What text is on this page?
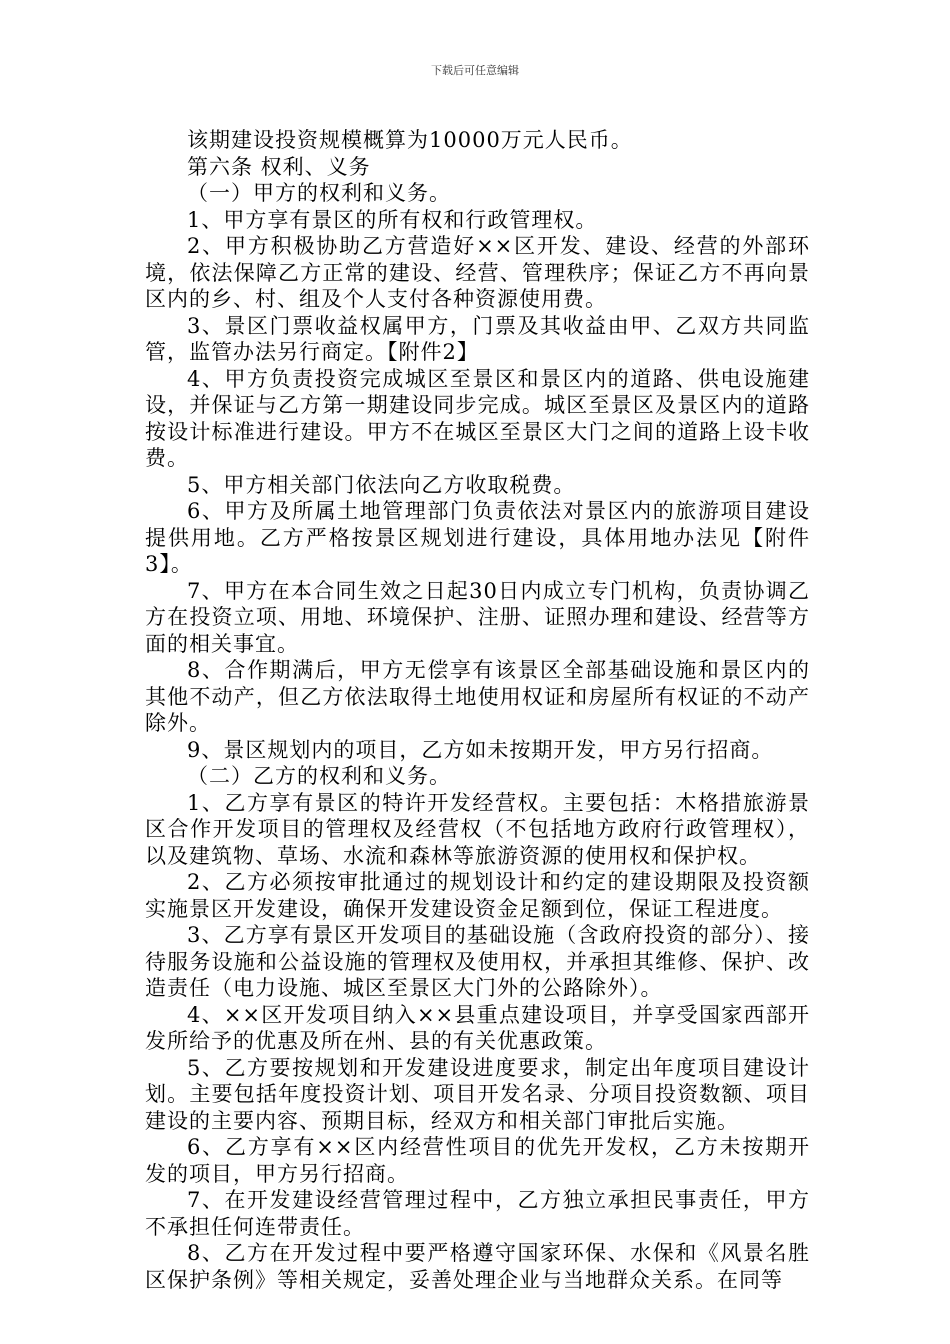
下载后可任意编辑

该期建设投资规模概算为10000万元人民币。

第六条 权利、义务

（一）甲方的权利和义务。

1、甲方享有景区的所有权和行政管理权。

2、甲方积极协助乙方营造好××区开发、建设、经营的外部环境，依法保障乙方正常的建设、经营、管理秩序；保证乙方不再向景区内的乡、村、组及个人支付各种资源使用费。

3、景区门票收益权属甲方，门票及其收益由甲、乙双方共同监管，监管办法另行商定。【附件2】

4、甲方负责投资完成城区至景区和景区内的道路、供电设施建设，并保证与乙方第一期建设同步完成。城区至景区及景区内的道路按设计标准进行建设。甲方不在城区至景区大门之间的道路上设卡收费。

5、甲方相关部门依法向乙方收取税费。

6、甲方及所属土地管理部门负责依法对景区内的旅游项目建设提供用地。乙方严格按景区规划进行建设，具体用地办法见【附件3】。

7、甲方在本合同生效之日起30日内成立专门机构，负责协调乙方在投资立项、用地、环境保护、注册、证照办理和建设、经营等方面的相关事宜。

8、合作期满后，甲方无偿享有该景区全部基础设施和景区内的其他不动产，但乙方依法取得土地使用权证和房屋所有权证的不动产除外。

9、景区规划内的项目，乙方如未按期开发，甲方另行招商。

（二）乙方的权利和义务。

1、乙方享有景区的特许开发经营权。主要包括：木格措旅游景区合作开发项目的管理权及经营权（不包括地方政府行政管理权），以及建筑物、草场、水流和森林等旅游资源的使用权和保护权。

2、乙方必须按审批通过的规划设计和约定的建设期限及投资额实施景区开发建设，确保开发建设资金足额到位，保证工程进度。

3、乙方享有景区开发项目的基础设施（含政府投资的部分）、接待服务设施和公益设施的管理权及使用权，并承担其维修、保护、改造责任（电力设施、城区至景区大门外的公路除外）。

4、××区开发项目纳入××县重点建设项目，并享受国家西部开发所给予的优惠及所在州、县的有关优惠政策。

5、乙方要按规划和开发建设进度要求，制定出年度项目建设计划。主要包括年度投资计划、项目开发名录、分项目投资数额、项目建设的主要内容、预期目标，经双方和相关部门审批后实施。

6、乙方享有××区内经营性项目的优先开发权，乙方未按期开发的项目，甲方另行招商。

7、在开发建设经营管理过程中，乙方独立承担民事责任，甲方不承担任何连带责任。

8、乙方在开发过程中要严格遵守国家环保、水保和《风景名胜区保护条例》等相关规定，妥善处理企业与当地群众关系。在同等
